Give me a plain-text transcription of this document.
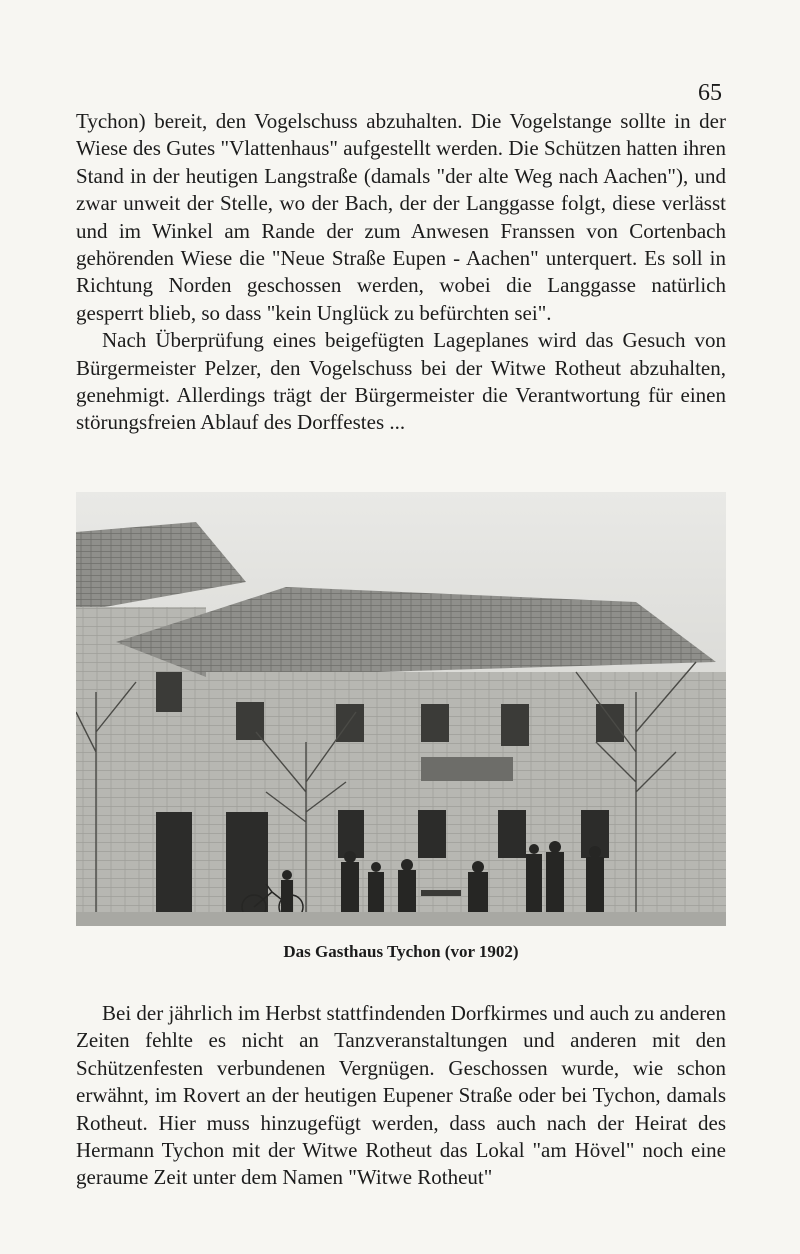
65

Tychon) bereit, den Vogelschuss abzuhalten. Die Vogelstange sollte in der Wiese des Gutes "Vlattenhaus" aufgestellt werden. Die Schützen hatten ihren Stand in der heutigen Langstraße (damals "der alte Weg nach Aachen"), und zwar unweit der Stelle, wo der Bach, der der Langgasse folgt, diese verlässt und im Winkel am Rande der zum Anwesen Franssen von Cortenbach gehörenden Wiese die "Neue Straße Eupen - Aachen" unterquert. Es soll in Richtung Norden geschossen werden, wobei die Langgasse natürlich gesperrt blieb, so dass "kein Unglück zu befürchten sei".

Nach Überprüfung eines beigefügten Lageplanes wird das Gesuch von Bürgermeister Pelzer, den Vogelschuss bei der Witwe Rotheut abzuhalten, genehmigt. Allerdings trägt der Bürgermeister die Verantwortung für einen störungsfreien Ablauf des Dorffestes ...

Das Gasthaus Tychon (vor 1902)

Bei der jährlich im Herbst stattfindenden Dorfkirmes und auch zu anderen Zeiten fehlte es nicht an Tanzveranstaltungen und anderen mit den Schützenfesten verbundenen Vergnügen. Geschossen wurde, wie schon erwähnt, im Rovert an der heutigen Eupener Straße oder bei Tychon, damals Rotheut. Hier muss hinzugefügt werden, dass auch nach der Heirat des Hermann Tychon mit der Witwe Rotheut das Lokal "am Hövel" noch eine geraume Zeit unter dem Namen "Witwe Rotheut"
